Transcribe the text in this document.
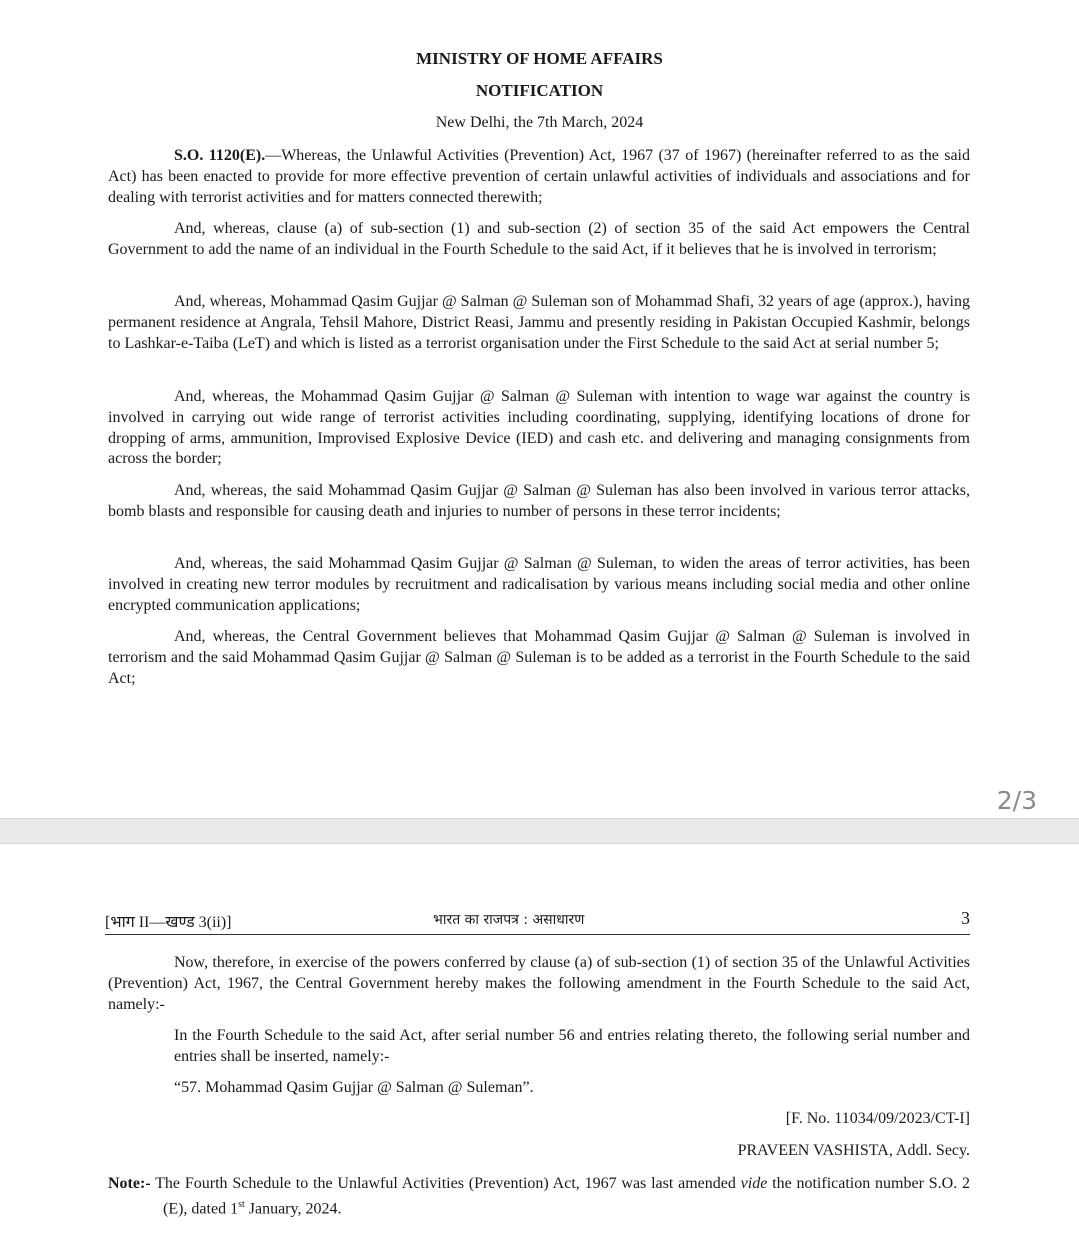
MINISTRY OF HOME AFFAIRS

NOTIFICATION

New Delhi, the 7th March, 2024

S.O. 1120(E).—Whereas, the Unlawful Activities (Prevention) Act, 1967 (37 of 1967) (hereinafter referred to as the said Act) has been enacted to provide for more effective prevention of certain unlawful activities of individuals and associations and for dealing with terrorist activities and for matters connected therewith;

And, whereas, clause (a) of sub-section (1) and sub-section (2) of section 35 of the said Act empowers the Central Government to add the name of an individual in the Fourth Schedule to the said Act, if it believes that he is involved in terrorism;

And, whereas, Mohammad Qasim Gujjar @ Salman @ Suleman son of Mohammad Shafi, 32 years of age (approx.), having permanent residence at Angrala, Tehsil Mahore, District Reasi, Jammu and presently residing in Pakistan Occupied Kashmir, belongs to Lashkar-e-Taiba (LeT) and which is listed as a terrorist organisation under the First Schedule to the said Act at serial number 5;

And, whereas, the Mohammad Qasim Gujjar @ Salman @ Suleman with intention to wage war against the country is involved in carrying out wide range of terrorist activities including coordinating, supplying, identifying locations of drone for dropping of arms, ammunition, Improvised Explosive Device (IED) and cash etc. and delivering and managing consignments from across the border;

And, whereas, the said Mohammad Qasim Gujjar @ Salman @ Suleman has also been involved in various terror attacks, bomb blasts and responsible for causing death and injuries to number of persons in these terror incidents;

And, whereas, the said Mohammad Qasim Gujjar @ Salman @ Suleman, to widen the areas of terror activities, has been involved in creating new terror modules by recruitment and radicalisation by various means including social media and other online encrypted communication applications;

And, whereas, the Central Government believes that Mohammad Qasim Gujjar @ Salman @ Suleman is involved in terrorism and the said Mohammad Qasim Gujjar @ Salman @ Suleman is to be added as a terrorist in the Fourth Schedule to the said Act;

2/3
[भाग II—खण्ड 3(ii)]	भारत का राजपत्र : असाधारण	3

Now, therefore, in exercise of the powers conferred by clause (a) of sub-section (1) of section 35 of the Unlawful Activities (Prevention) Act, 1967, the Central Government hereby makes the following amendment in the Fourth Schedule to the said Act, namely:-

In the Fourth Schedule to the said Act, after serial number 56 and entries relating thereto, the following serial number and entries shall be inserted, namely:-

“57. Mohammad Qasim Gujjar @ Salman @ Suleman”.

[F. No. 11034/09/2023/CT-I]

PRAVEEN VASHISTA, Addl. Secy.

Note:- The Fourth Schedule to the Unlawful Activities (Prevention) Act, 1967 was last amended vide the notification number S.O. 2 (E), dated 1st January, 2024.
